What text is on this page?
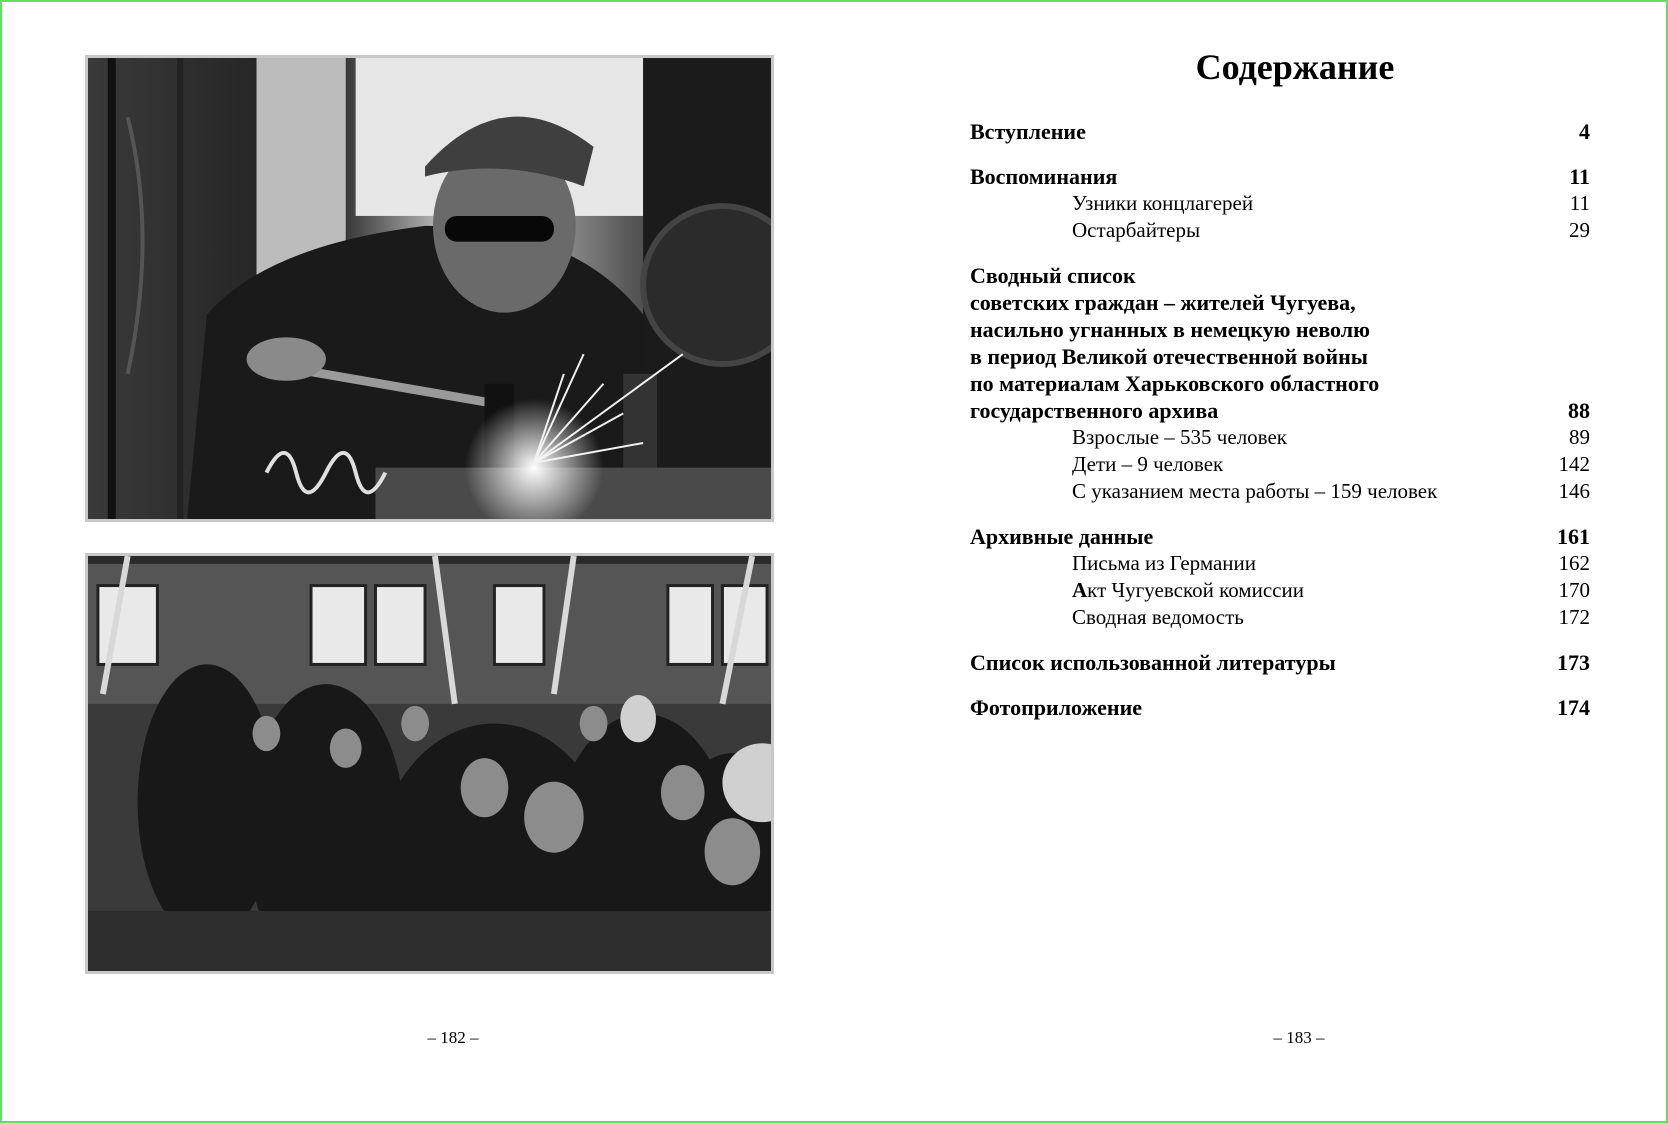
– 182 –
Содержание
Вступление	4
Воспоминания	11
Узники концлагерей	11
Остарбайтеры	29
Сводный список
советских граждан – жителей Чугуева,
насильно угнанных в немецкую неволю
в период Великой отечественной войны
по материалам Харьковского областного
государственного архива	88
Взрослые – 535 человек	89
Дети – 9 человек	142
С указанием места работы – 159 человек	146
Архивные данные	161
Письма из Германии	162
Акт Чугуевской комиссии	170
Сводная ведомость	172
Список использованной литературы	173
Фотоприложение	174
– 183 –
